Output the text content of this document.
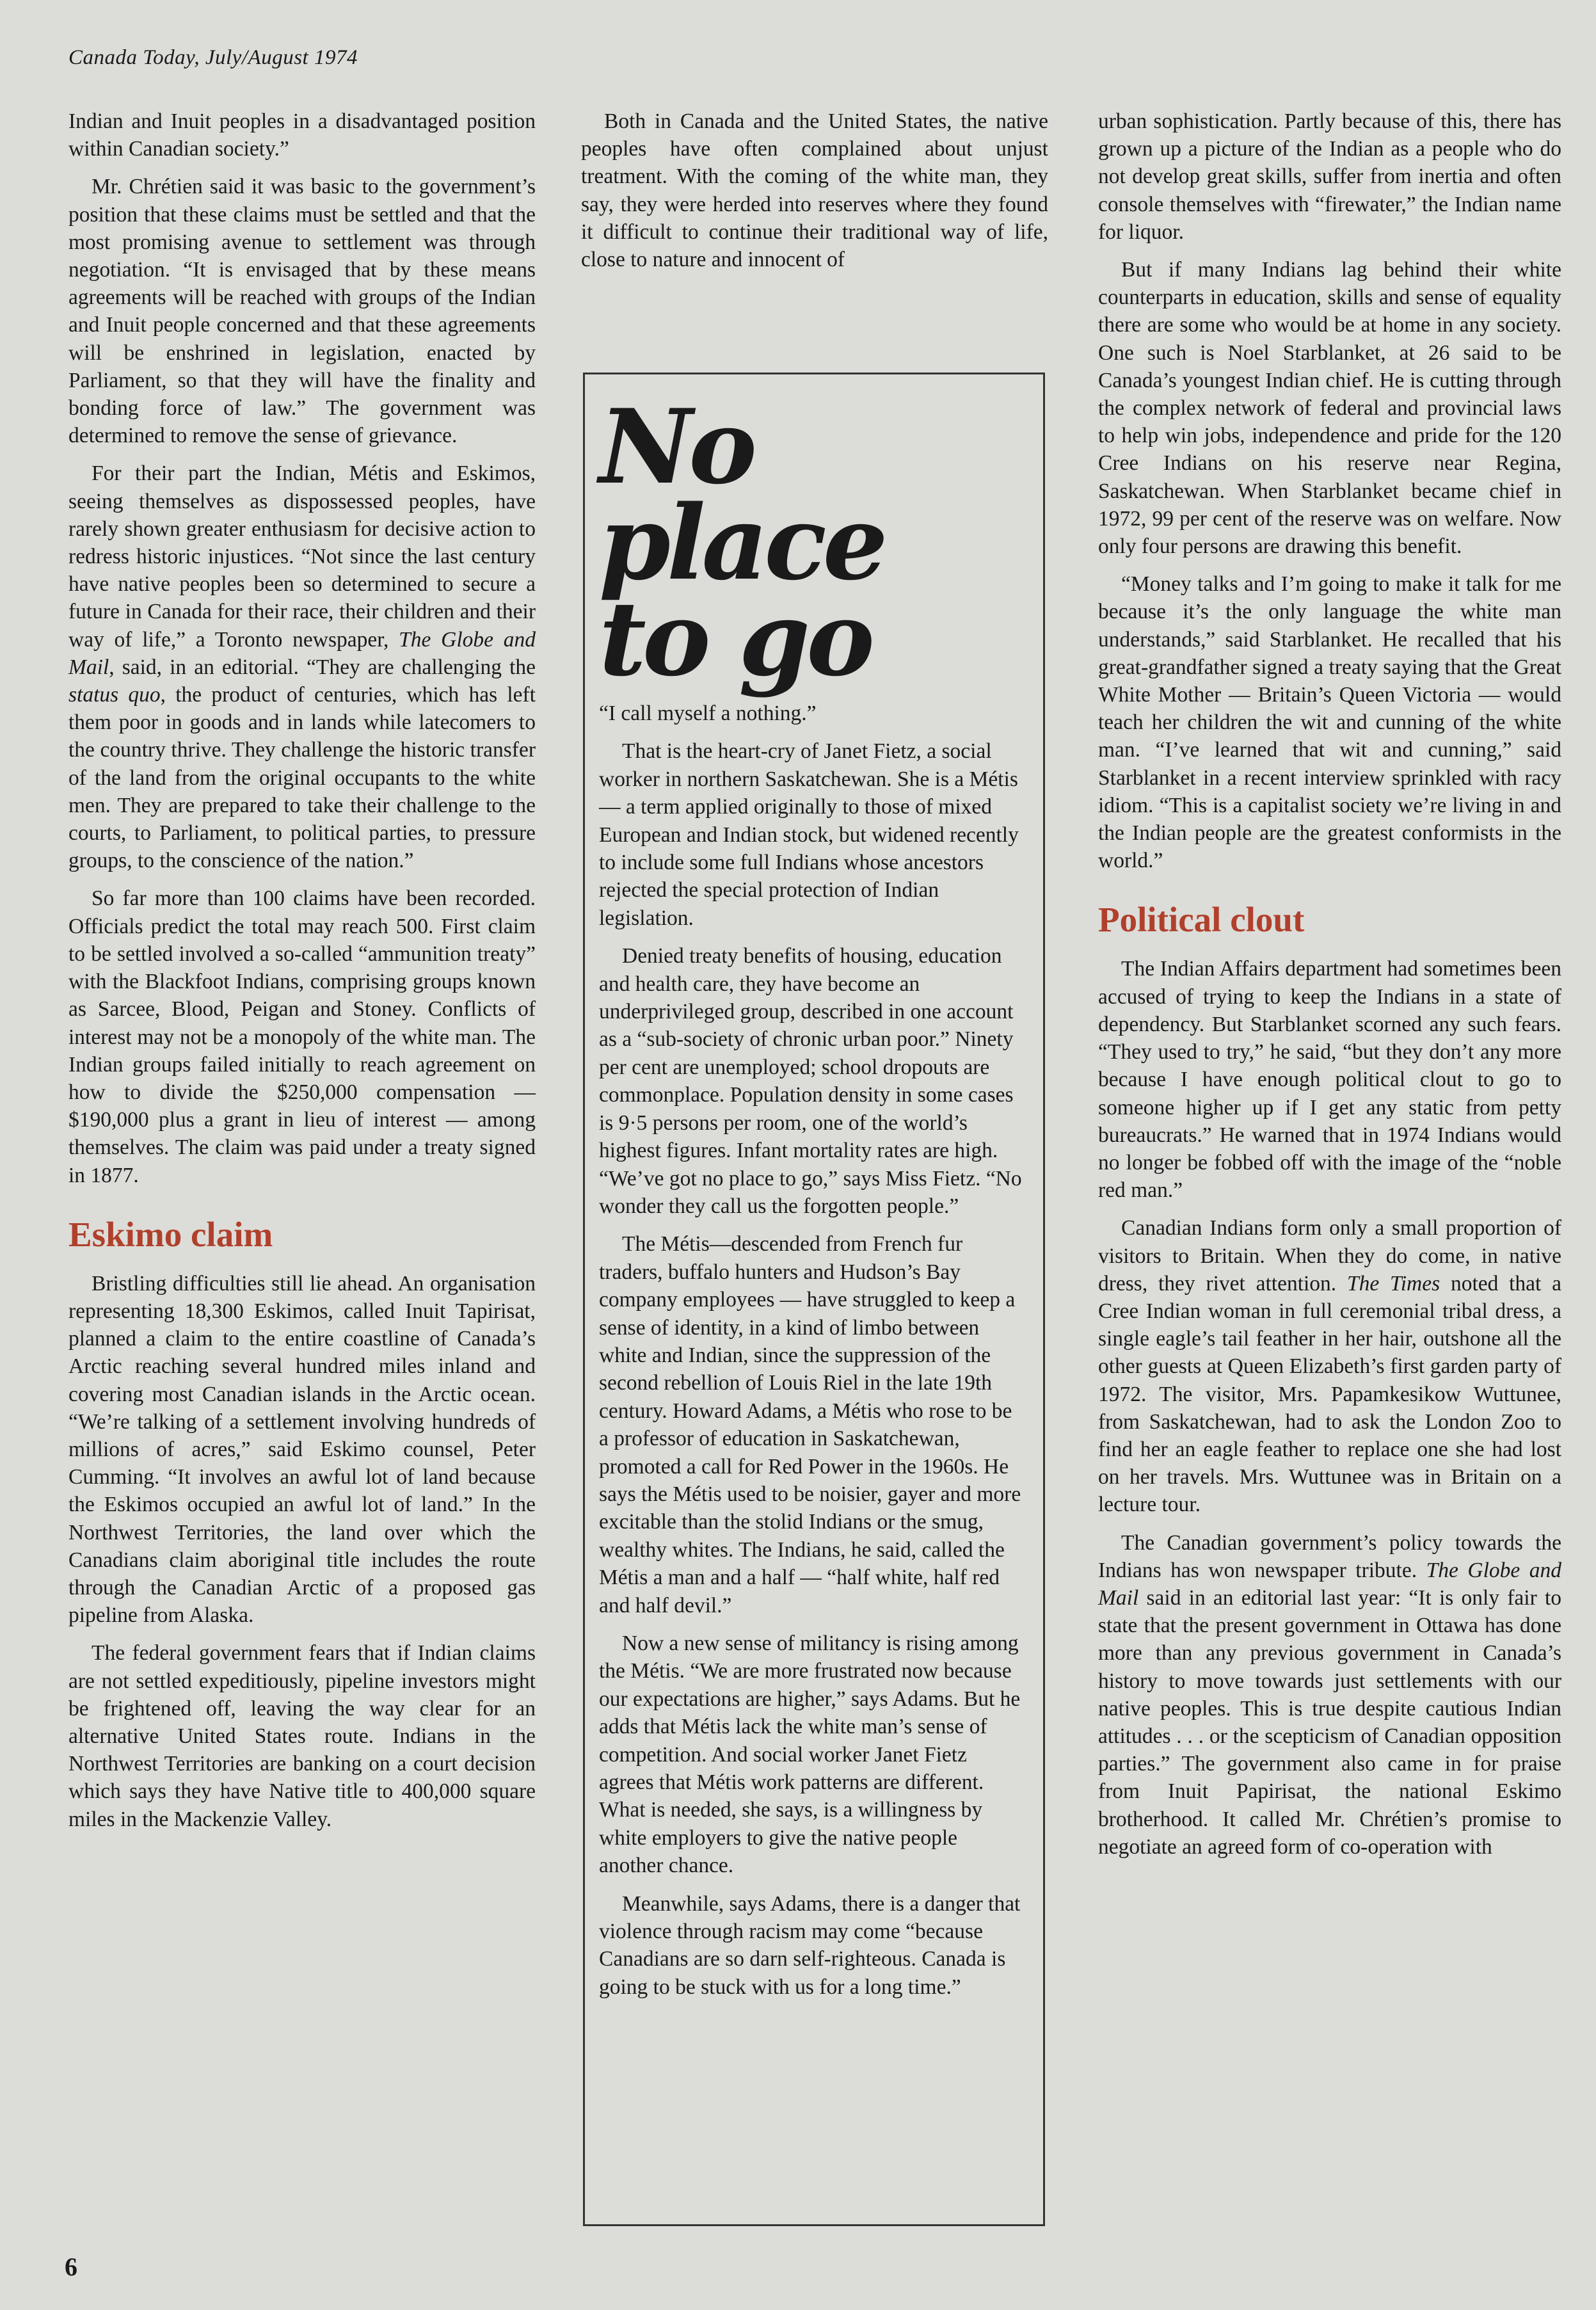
Canada Today, July/August 1974

Indian and Inuit peoples in a disadvantaged position within Canadian society.”

Mr. Chrétien said it was basic to the government’s position that these claims must be settled and that the most promising avenue to settlement was through negotiation. “It is envisaged that by these means agreements will be reached with groups of the Indian and Inuit people concerned and that these agreements will be enshrined in legislation, enacted by Parliament, so that they will have the finality and bonding force of law.” The government was determined to remove the sense of grievance.

For their part the Indian, Métis and Eskimos, seeing themselves as dispossessed peoples, have rarely shown greater enthusiasm for decisive action to redress historic injustices. “Not since the last century have native peoples been so determined to secure a future in Canada for their race, their children and their way of life,” a Toronto newspaper, The Globe and Mail, said, in an editorial. “They are challenging the status quo, the product of centuries, which has left them poor in goods and in lands while latecomers to the country thrive. They challenge the historic transfer of the land from the original occupants to the white men. They are prepared to take their challenge to the courts, to Parliament, to political parties, to pressure groups, to the conscience of the nation.”

So far more than 100 claims have been recorded. Officials predict the total may reach 500. First claim to be settled involved a so-called “ammunition treaty” with the Blackfoot Indians, comprising groups known as Sarcee, Blood, Peigan and Stoney. Conflicts of interest may not be a monopoly of the white man. The Indian groups failed initially to reach agreement on how to divide the $250,000 compensation — $190,000 plus a grant in lieu of interest — among themselves. The claim was paid under a treaty signed in 1877.

Eskimo claim

Bristling difficulties still lie ahead. An organisation representing 18,300 Eskimos, called Inuit Tapirisat, planned a claim to the entire coastline of Canada’s Arctic reaching several hundred miles inland and covering most Canadian islands in the Arctic ocean. “We’re talking of a settlement involving hundreds of millions of acres,” said Eskimo counsel, Peter Cumming. “It involves an awful lot of land because the Eskimos occupied an awful lot of land.” In the Northwest Territories, the land over which the Canadians claim aboriginal title includes the route through the Canadian Arctic of a proposed gas pipeline from Alaska.

The federal government fears that if Indian claims are not settled expeditiously, pipeline investors might be frightened off, leaving the way clear for an alternative United States route. Indians in the Northwest Territories are banking on a court decision which says they have Native title to 400,000 square miles in the Mackenzie Valley.

Both in Canada and the United States, the native peoples have often complained about unjust treatment. With the coming of the white man, they say, they were herded into reserves where they found it difficult to continue their traditional way of life, close to nature and innocent of

No place
to go

“I call myself a nothing.”

That is the heart-cry of Janet Fietz, a social worker in northern Saskatchewan. She is a Métis — a term applied originally to those of mixed European and Indian stock, but widened recently to include some full Indians whose ancestors rejected the special protection of Indian legislation.

Denied treaty benefits of housing, education and health care, they have become an underprivileged group, described in one account as a “sub-society of chronic urban poor.” Ninety per cent are unemployed; school dropouts are commonplace. Population density in some cases is 9·5 persons per room, one of the world’s highest figures. Infant mortality rates are high. “We’ve got no place to go,” says Miss Fietz. “No wonder they call us the forgotten people.”

The Métis—descended from French fur traders, buffalo hunters and Hudson’s Bay company employees — have struggled to keep a sense of identity, in a kind of limbo between white and Indian, since the suppression of the second rebellion of Louis Riel in the late 19th century. Howard Adams, a Métis who rose to be a professor of education in Saskatchewan, promoted a call for Red Power in the 1960s. He says the Métis used to be noisier, gayer and more excitable than the stolid Indians or the smug, wealthy whites. The Indians, he said, called the Métis a man and a half — “half white, half red and half devil.”

Now a new sense of militancy is rising among the Métis. “We are more frustrated now because our expectations are higher,” says Adams. But he adds that Métis lack the white man’s sense of competition. And social worker Janet Fietz agrees that Métis work patterns are different. What is needed, she says, is a willingness by white employers to give the native people another chance.

Meanwhile, says Adams, there is a danger that violence through racism may come “because Canadians are so darn self-righteous. Canada is going to be stuck with us for a long time.”

urban sophistication. Partly because of this, there has grown up a picture of the Indian as a people who do not develop great skills, suffer from inertia and often console themselves with “firewater,” the Indian name for liquor.

But if many Indians lag behind their white counterparts in education, skills and sense of equality there are some who would be at home in any society. One such is Noel Starblanket, at 26 said to be Canada’s youngest Indian chief. He is cutting through the complex network of federal and provincial laws to help win jobs, independence and pride for the 120 Cree Indians on his reserve near Regina, Saskatchewan. When Starblanket became chief in 1972, 99 per cent of the reserve was on welfare. Now only four persons are drawing this benefit.

“Money talks and I’m going to make it talk for me because it’s the only language the white man understands,” said Starblanket. He recalled that his great-grandfather signed a treaty saying that the Great White Mother — Britain’s Queen Victoria — would teach her children the wit and cunning of the white man. “I’ve learned that wit and cunning,” said Starblanket in a recent interview sprinkled with racy idiom. “This is a capitalist society we’re living in and the Indian people are the greatest conformists in the world.”

Political clout

The Indian Affairs department had sometimes been accused of trying to keep the Indians in a state of dependency. But Starblanket scorned any such fears. “They used to try,” he said, “but they don’t any more because I have enough political clout to go to someone higher up if I get any static from petty bureaucrats.” He warned that in 1974 Indians would no longer be fobbed off with the image of the “noble red man.”

Canadian Indians form only a small proportion of visitors to Britain. When they do come, in native dress, they rivet attention. The Times noted that a Cree Indian woman in full ceremonial tribal dress, a single eagle’s tail feather in her hair, outshone all the other guests at Queen Elizabeth’s first garden party of 1972. The visitor, Mrs. Papamkesikow Wuttunee, from Saskatchewan, had to ask the London Zoo to find her an eagle feather to replace one she had lost on her travels. Mrs. Wuttunee was in Britain on a lecture tour.

The Canadian government’s policy towards the Indians has won newspaper tribute. The Globe and Mail said in an editorial last year: “It is only fair to state that the present government in Ottawa has done more than any previous government in Canada’s history to move towards just settlements with our native peoples. This is true despite cautious Indian attitudes . . . or the scepticism of Canadian opposition parties.” The government also came in for praise from Inuit Papirisat, the national Eskimo brotherhood. It called Mr. Chrétien’s promise to negotiate an agreed form of co-operation with

6
